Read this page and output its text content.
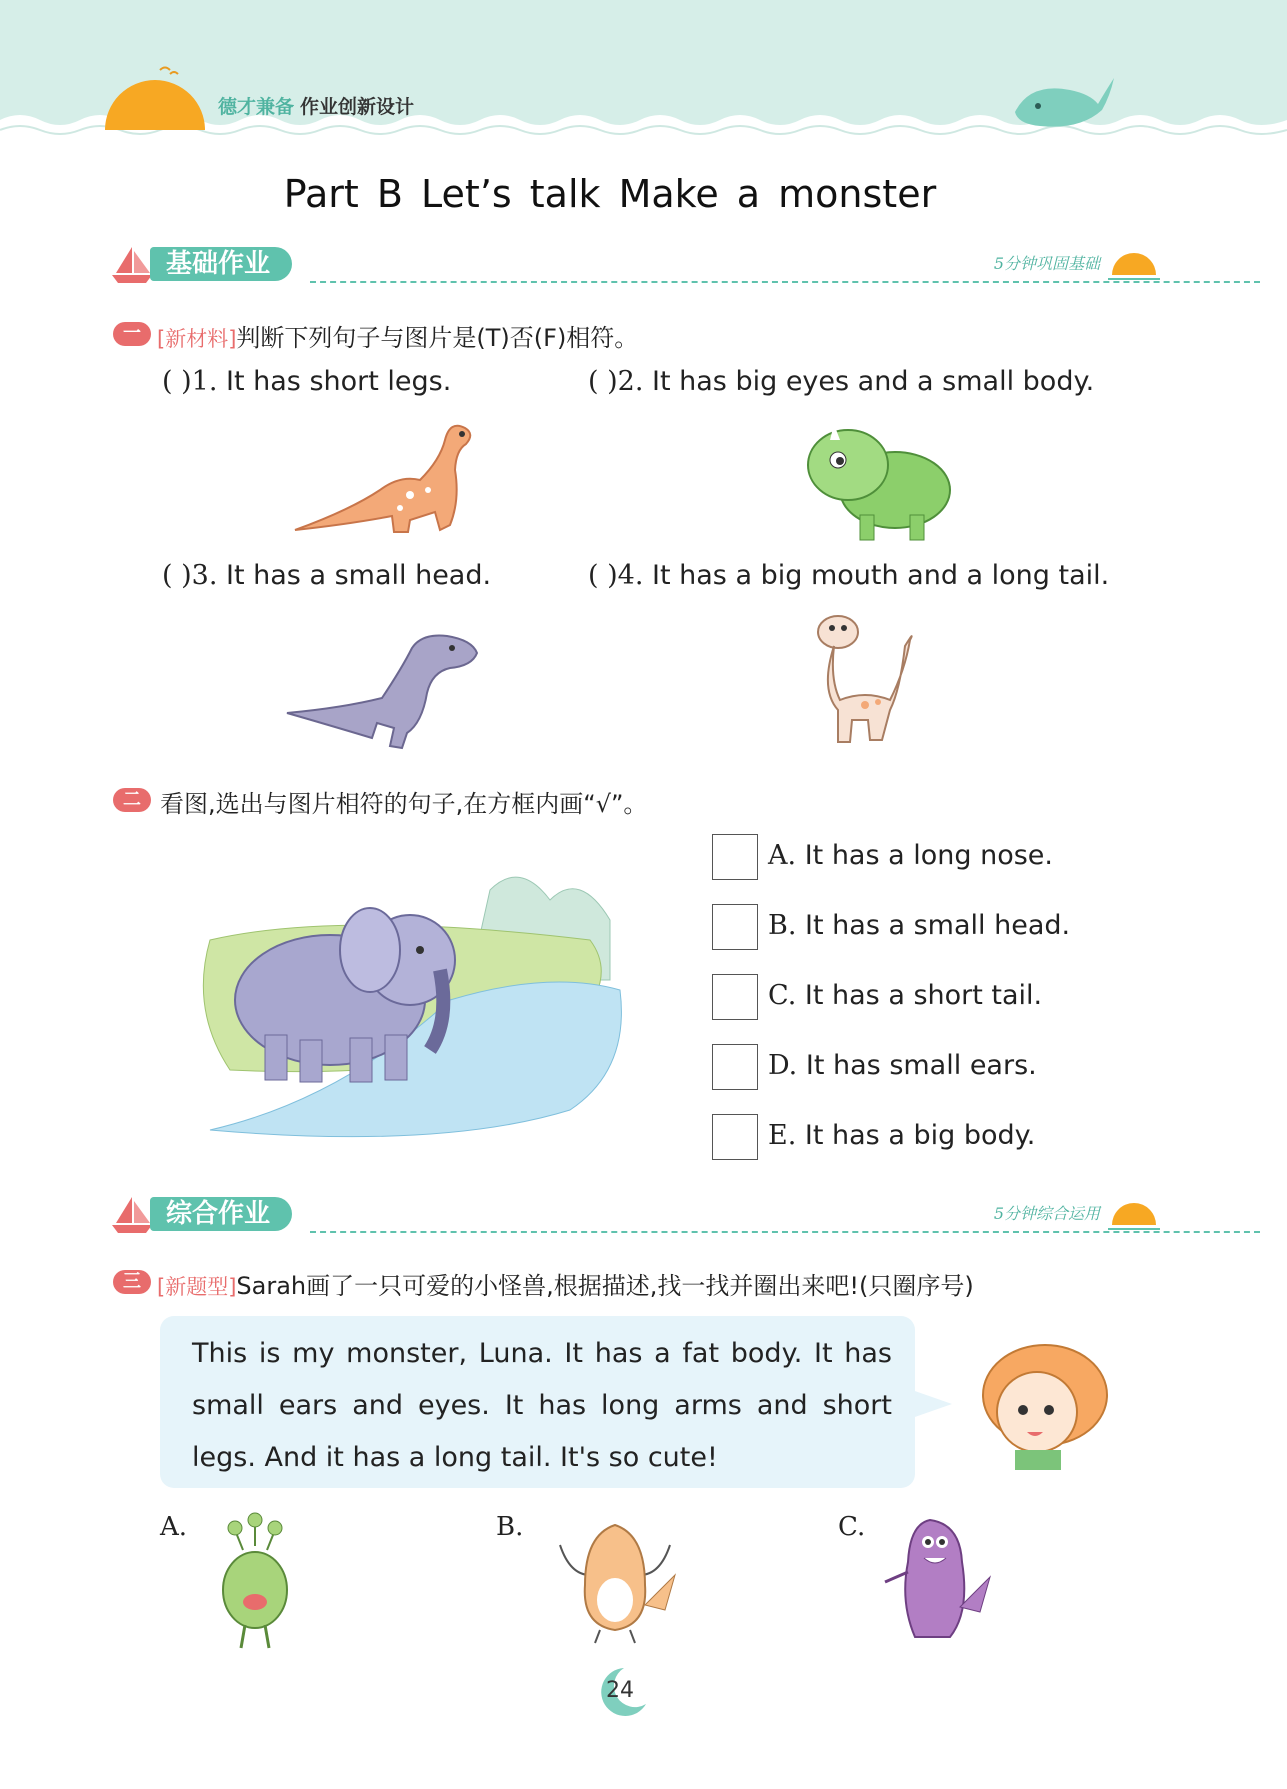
德才兼备 作业创新设计
Part B Let’s talk Make a monster
基础作业	5分钟巩固基础
一 [新材料]判断下列句子与图片是(T)否(F)相符。
( )1. It has short legs.	( )2. It has big eyes and a small body.
( )3. It has a small head.	( )4. It has a big mouth and a long tail.
二 看图,选出与图片相符的句子,在方框内画“√”。
A. It has a long nose.
B. It has a small head.
C. It has a short tail.
D. It has small ears.
E. It has a big body.
综合作业	5分钟综合运用
三 [新题型]Sarah画了一只可爱的小怪兽,根据描述,找一找并圈出来吧!(只圈序号)
This is my monster, Luna. It has a fat body. It has small ears and eyes. It has long arms and short legs. And it has a long tail. It's so cute!
A.	B.	C.
24
